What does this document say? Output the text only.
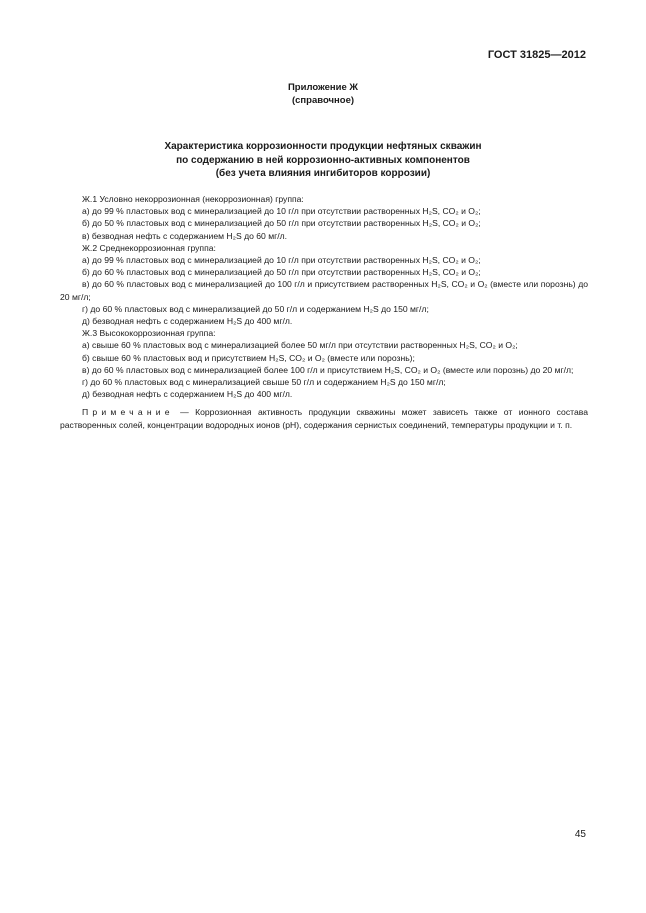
ГОСТ 31825—2012
Приложение Ж
(справочное)
Характеристика коррозионности продукции нефтяных скважин
по содержанию в ней коррозионно-активных компонентов
(без учета влияния ингибиторов коррозии)
Ж.1 Условно некоррозионная (некоррозионная) группа:
а) до 99 % пластовых вод с минерализацией до 10 г/л при отсутствии растворенных H₂S, CO₂ и O₂;
б) до 50 % пластовых вод с минерализацией до 50 г/л при отсутствии растворенных H₂S, CO₂ и O₂;
в) безводная нефть с содержанием H₂S до 60 мг/л.
Ж.2 Среднекоррозионная группа:
а) до 99 % пластовых вод с минерализацией до 10 г/л при отсутствии растворенных H₂S, CO₂ и O₂;
б) до 60 % пластовых вод с минерализацией до 50 г/л при отсутствии растворенных H₂S, CO₂ и O₂;
в) до 60 % пластовых вод с минерализацией до 100 г/л и присутствием растворенных H₂S, CO₂ и O₂ (вместе или порознь) до 20 мг/л;
г) до 60 % пластовых вод с минерализацией до 50 г/л и содержанием H₂S до 150 мг/л;
д) безводная нефть с содержанием H₂S до 400 мг/л.
Ж.3 Высококоррозионная группа:
а) свыше 60 % пластовых вод с минерализацией более 50 мг/л при отсутствии растворенных H₂S, CO₂ и O₂;
б) свыше 60 % пластовых вод и присутствием H₂S, CO₂ и O₂ (вместе или порознь);
в) до 60 % пластовых вод с минерализацией более 100 г/л и присутствием H₂S, CO₂ и O₂ (вместе или порознь) до 20 мг/л;
г) до 60 % пластовых вод с минерализацией свыше 50 г/л и содержанием H₂S до 150 мг/л;
д) безводная нефть с содержанием H₂S до 400 мг/л.
Примечание — Коррозионная активность продукции скважины может зависеть также от ионного состава растворенных солей, концентрации водородных ионов (pH), содержания сернистых соединений, температуры продукции и т. п.
45
